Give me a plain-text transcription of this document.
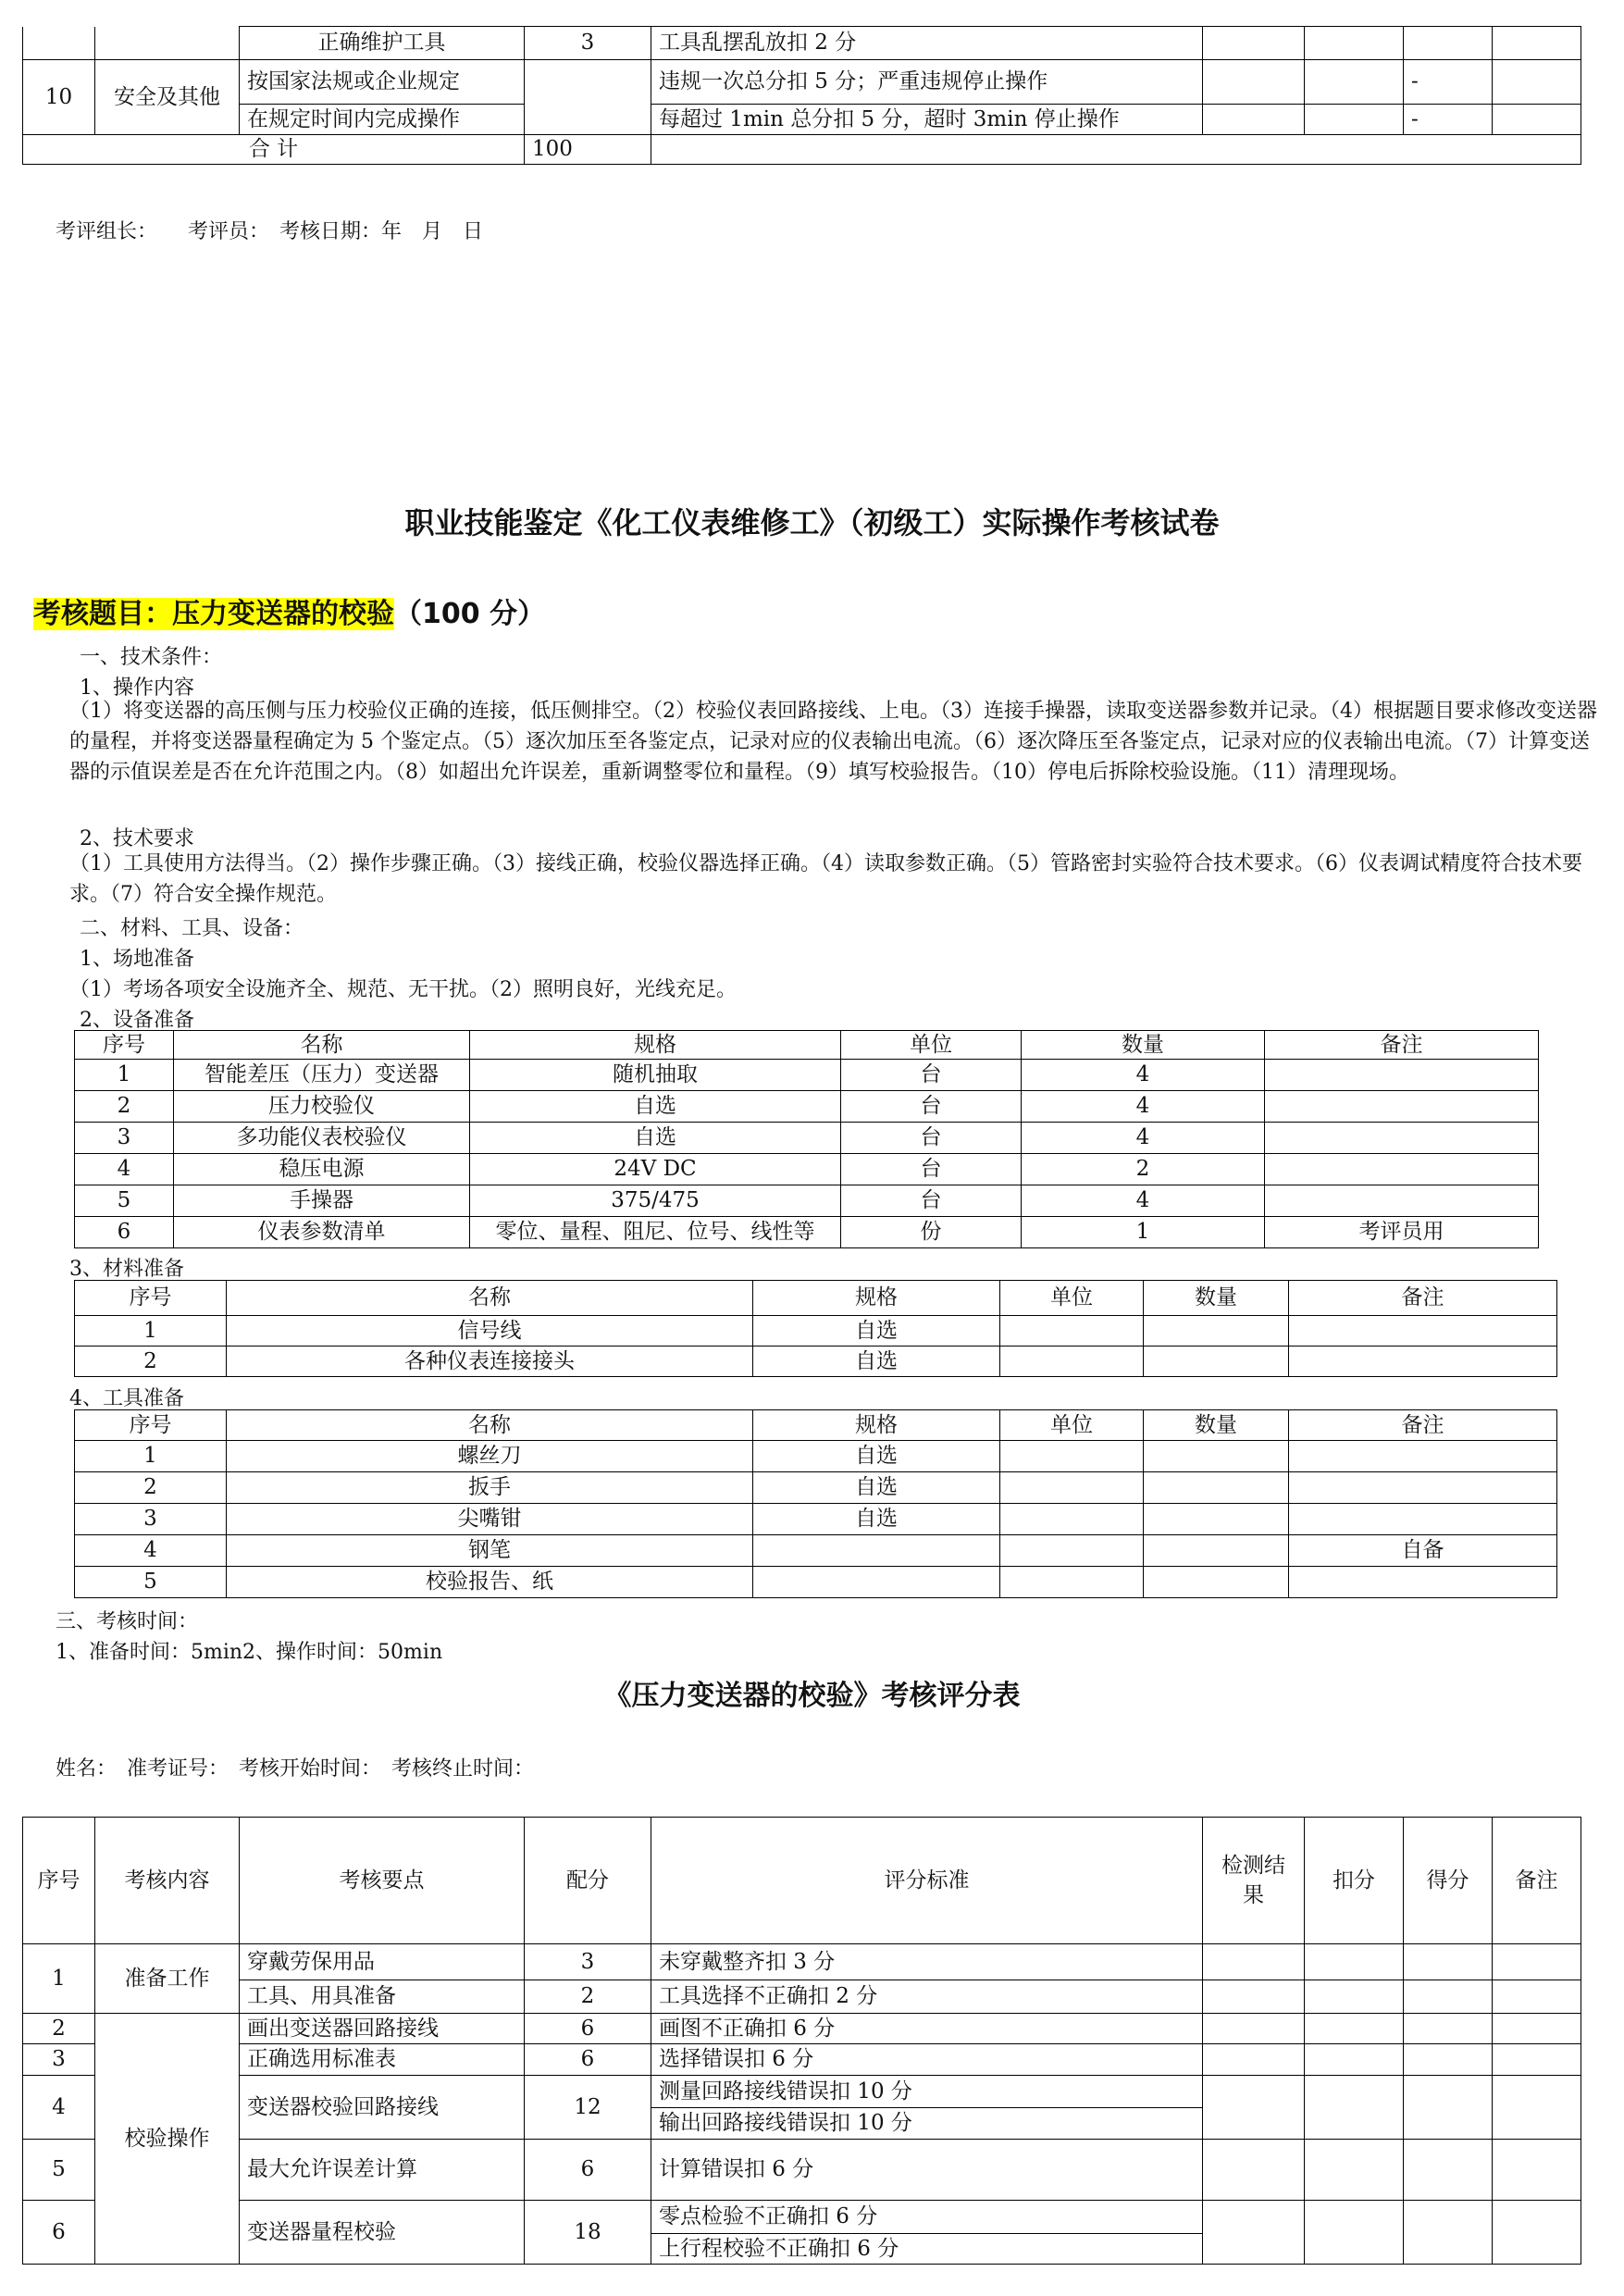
		正确维护工具	3	工具乱摆乱放扣 2 分				
10	安全及其他	按国家法规或企业规定		违规一次总分扣 5 分；严重违规停止操作			-	
		在规定时间内完成操作		每超过 1min 总分扣 5 分，超时 3min 停止操作			-	
合 计			100					
考评组长：　　考评员：　考核日期：年　月　日
职业技能鉴定《化工仪表维修工》（初级工）实际操作考核试卷
考核题目：压力变送器的校验（100 分）
一、技术条件：
1、操作内容
（1）将变送器的高压侧与压力校验仪正确的连接，低压侧排空。（2）校验仪表回路接线、上电。（3）连接手操器，读取变送器参数并记录。（4）根据题目要求修改变送器的量程，并将变送器量程确定为 5 个鉴定点。（5）逐次加压至各鉴定点，记录对应的仪表输出电流。（6）逐次降压至各鉴定点，记录对应的仪表输出电流。（7）计算变送器的示值误差是否在允许范围之内。（8）如超出允许误差，重新调整零位和量程。（9）填写校验报告。（10）停电后拆除校验设施。（11）清理现场。
2、技术要求
（1）工具使用方法得当。（2）操作步骤正确。（3）接线正确，校验仪器选择正确。（4）读取参数正确。（5）管路密封实验符合技术要求。（6）仪表调试精度符合技术要求。（7）符合安全操作规范。
二、材料、工具、设备：
1、场地准备
（1）考场各项安全设施齐全、规范、无干扰。（2）照明良好，光线充足。
2、设备准备
序号	名称	规格	单位	数量	备注
1	智能差压（压力）变送器	随机抽取	台	4	
2	压力校验仪	自选	台	4	
3	多功能仪表校验仪	自选	台	4	
4	稳压电源	24V DC	台	2	
5	手操器	375/475	台	4	
6	仪表参数清单	零位、量程、阻尼、位号、线性等	份	1	考评员用
3、材料准备
序号	名称	规格	单位	数量	备注
1	信号线	自选			
2	各种仪表连接接头	自选			
4、工具准备
序号	名称	规格	单位	数量	备注
1	螺丝刀	自选			
2	扳手	自选			
3	尖嘴钳	自选			
4	钢笔				自备
5	校验报告、纸				
三、考核时间：
1、准备时间：5min2、操作时间：50min
《压力变送器的校验》考核评分表
姓名：　准考证号：　考核开始时间：　考核终止时间：
序号	考核内容	考核要点	配分	评分标准	检测结果	扣分	得分	备注
1	准备工作	穿戴劳保用品	3	未穿戴整齐扣 3 分				
		工具、用具准备	2	工具选择不正确扣 2 分				
2	校验操作	画出变送器回路接线	6	画图不正确扣 6 分				
3		正确选用标准表	6	选择错误扣 6 分				
4		变送器校验回路接线	12	测量回路接线错误扣 10 分				
				输出回路接线错误扣 10 分				
5		最大允许误差计算	6	计算错误扣 6 分				
6		变送器量程校验	18	零点检验不正确扣 6 分				
				上行程校验不正确扣 6 分				
